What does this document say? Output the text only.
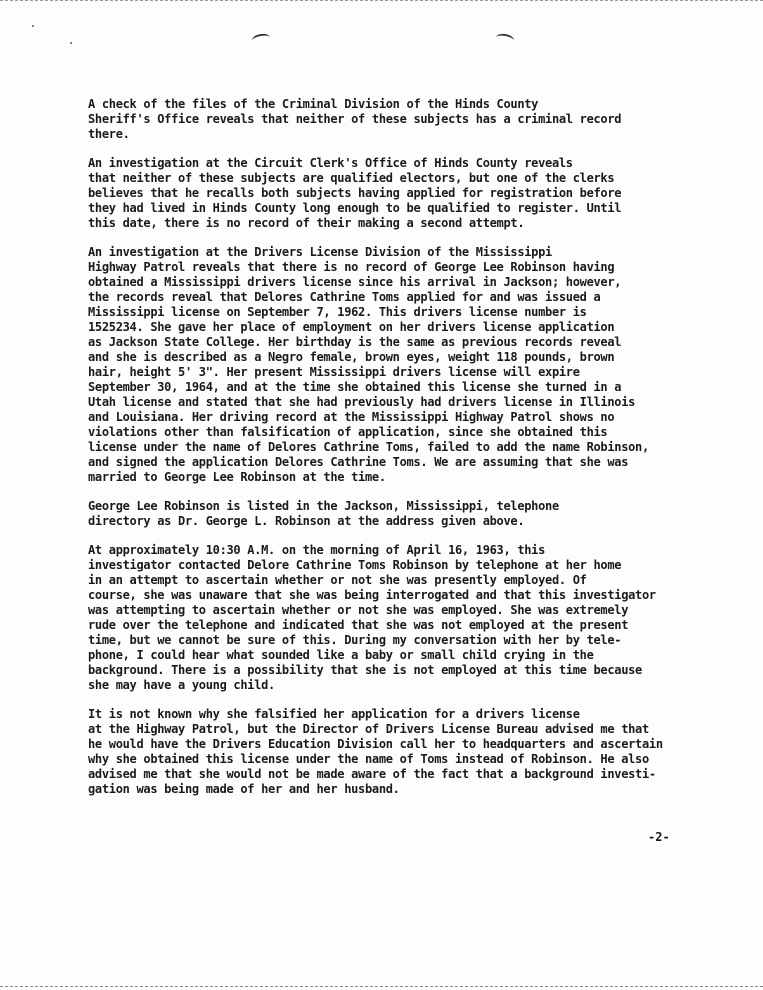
A check of the files of the Criminal Division of the Hinds County
Sheriff's Office reveals that neither of these subjects has a criminal record
there.

An investigation at the Circuit Clerk's Office of Hinds County reveals
that neither of these subjects are qualified electors, but one of the clerks
believes that he recalls both subjects having applied for registration before
they had lived in Hinds County long enough to be qualified to register. Until
this date, there is no record of their making a second attempt.

An investigation at the Drivers License Division of the Mississippi
Highway Patrol reveals that there is no record of George Lee Robinson having
obtained a Mississippi drivers license since his arrival in Jackson; however,
the records reveal that Delores Cathrine Toms applied for and was issued a
Mississippi license on September 7, 1962. This drivers license number is
1525234. She gave her place of employment on her drivers license application
as Jackson State College. Her birthday is the same as previous records reveal
and she is described as a Negro female, brown eyes, weight 118 pounds, brown
hair, height 5' 3". Her present Mississippi drivers license will expire
September 30, 1964, and at the time she obtained this license she turned in a
Utah license and stated that she had previously had drivers license in Illinois
and Louisiana. Her driving record at the Mississippi Highway Patrol shows no
violations other than falsification of application, since she obtained this
license under the name of Delores Cathrine Toms, failed to add the name Robinson,
and signed the application Delores Cathrine Toms. We are assuming that she was
married to George Lee Robinson at the time.

George Lee Robinson is listed in the Jackson, Mississippi, telephone
directory as Dr. George L. Robinson at the address given above.

At approximately 10:30 A.M. on the morning of April 16, 1963, this
investigator contacted Delore Cathrine Toms Robinson by telephone at her home
in an attempt to ascertain whether or not she was presently employed. Of
course, she was unaware that she was being interrogated and that this investigator
was attempting to ascertain whether or not she was employed. She was extremely
rude over the telephone and indicated that she was not employed at the present
time, but we cannot be sure of this. During my conversation with her by tele-
phone, I could hear what sounded like a baby or small child crying in the
background. There is a possibility that she is not employed at this time because
she may have a young child.

It is not known why she falsified her application for a drivers license
at the Highway Patrol, but the Director of Drivers License Bureau advised me that
he would have the Drivers Education Division call her to headquarters and ascertain
why she obtained this license under the name of Toms instead of Robinson. He also
advised me that she would not be made aware of the fact that a background investi-
gation was being made of her and her husband.

-2-
